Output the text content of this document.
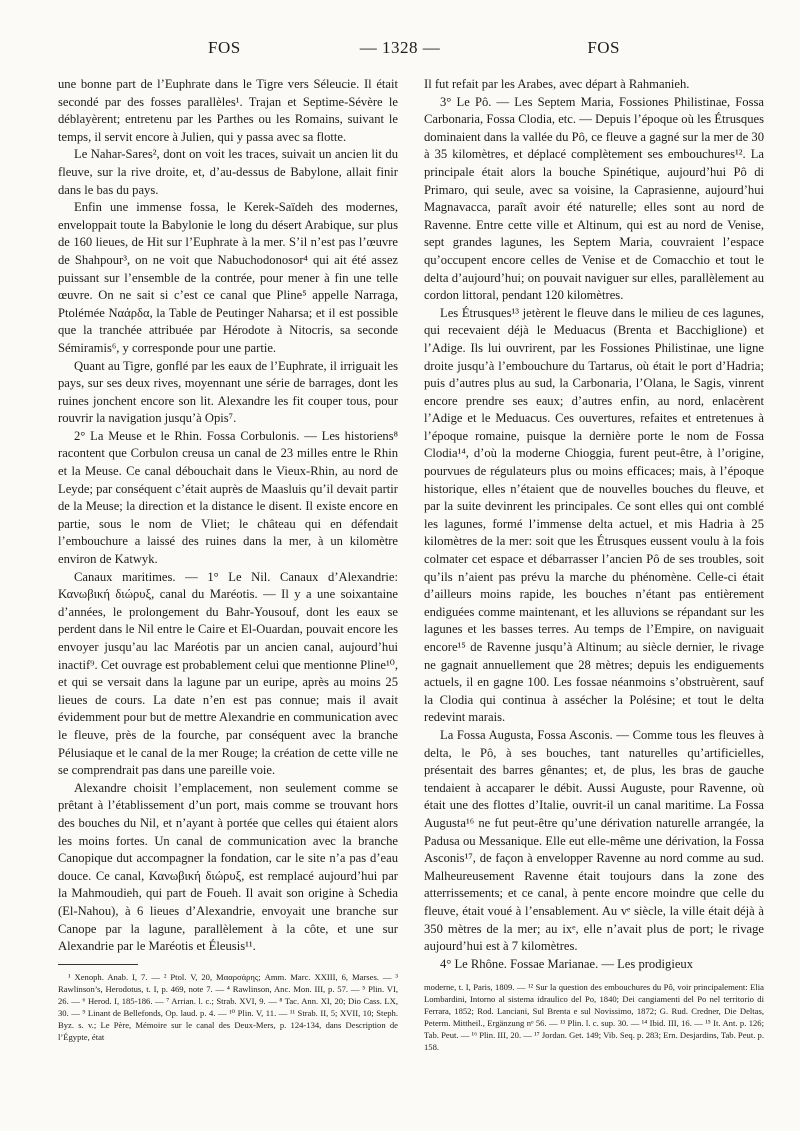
FOS	— 1328 —	FOS

une bonne part de l’Euphrate dans le Tigre vers Séleucie. Il était secondé par des fosses parallèles¹. Trajan et Septime-Sévère le déblayèrent; entretenu par les Parthes ou les Romains, suivant le temps, il servit encore à Julien, qui y passa avec sa flotte.

Le Nahar-Sares², dont on voit les traces, suivait un ancien lit du fleuve, sur la rive droite, et, d’au-dessus de Babylone, allait finir dans le bas du pays.

Enfin une immense fossa, le Kerek-Saïdeh des modernes, enveloppait toute la Babylonie le long du désert Arabique, sur plus de 160 lieues, de Hit sur l’Euphrate à la mer. S’il n’est pas l’œuvre de Shahpour³, on ne voit que Nabuchodonosor⁴ qui ait été assez puissant sur l’ensemble de la contrée, pour mener à fin une telle œuvre. On ne sait si c’est ce canal que Pline⁵ appelle Narraga, Ptolémée Ναάρδα, la Table de Peutinger Naharsa; et il est possible que la tranchée attribuée par Hérodote à Nitocris, sa seconde Sémiramis⁶, y corresponde pour une partie.

Quant au Tigre, gonflé par les eaux de l’Euphrate, il irriguait les pays, sur ses deux rives, moyennant une série de barrages, dont les ruines jonchent encore son lit. Alexandre les fit couper tous, pour rouvrir la navigation jusqu’à Opis⁷.

2° La Meuse et le Rhin. Fossa Corbulonis. — Les historiens⁸ racontent que Corbulon creusa un canal de 23 milles entre le Rhin et la Meuse. Ce canal débouchait dans le Vieux-Rhin, au nord de Leyde; par conséquent c’était auprès de Maasluis qu’il devait partir de la Meuse; la direction et la distance le disent. Il existe encore en partie, sous le nom de Vliet; le château qui en défendait l’embouchure a laissé des ruines dans la mer, à un kilomètre environ de Katwyk.

Canaux maritimes. — 1° Le Nil. Canaux d’Alexandrie: Κανωβική διώρυξ, canal du Maréotis. — Il y a une soixantaine d’années, le prolongement du Bahr-Yousouf, dont les eaux se perdent dans le Nil entre le Caire et El-Ouardan, pouvait encore les envoyer jusqu’au lac Maréotis par un ancien canal, aujourd’hui inactif⁹. Cet ouvrage est probablement celui que mentionne Pline¹⁰, et qui se versait dans la lagune par un euripe, après au moins 25 lieues de cours. La date n’en est pas connue; mais il avait évidemment pour but de mettre Alexandrie en communication avec le fleuve, près de la fourche, par conséquent avec la branche Pélusiaque et le canal de la mer Rouge; la création de cette ville ne se comprendrait pas dans une pareille voie.

Alexandre choisit l’emplacement, non seulement comme se prêtant à l’établissement d’un port, mais comme se trouvant hors des bouches du Nil, et n’ayant à portée que celles qui étaient alors les moins fortes. Un canal de communication avec la branche Canopique dut accompagner la fondation, car le site n’a pas d’eau douce. Ce canal, Κανωβική διώρυξ, est remplacé aujourd’hui par la Mahmoudieh, qui part de Foueh. Il avait son origine à Schedia (El-Nahou), à 6 lieues d’Alexandrie, envoyait une branche sur Canope par la lagune, parallèlement à la côte, et une sur Alexandrie par le Maréotis et Éleusis¹¹.

¹ Xenoph. Anab. I, 7. — ² Ptol. V, 20, Μααρσάρης; Amm. Marc. XXIII, 6, Marses. — ³ Rawlinson’s, Herodotus, t. I, p. 469, note 7. — ⁴ Rawlinson, Anc. Mon. III, p. 57. — ⁵ Plin. VI, 26. — ⁶ Herod. I, 185-186. — ⁷ Arrian. l. c.; Strab. XVI, 9. — ⁸ Tac. Ann. XI, 20; Dio Cass. LX, 30. — ⁹ Linant de Bellefonds, Op. laud. p. 4. — ¹⁰ Plin. V, 11. — ¹¹ Strab. II, 5; XVII, 10; Steph. Byz. s. v.; Le Père, Mémoire sur le canal des Deux-Mers, p. 124-134, dans Description de l’Égypte, état

Il fut refait par les Arabes, avec départ à Rahmanieh.

3° Le Pô. — Les Septem Maria, Fossiones Philistinae, Fossa Carbonaria, Fossa Clodia, etc. — Depuis l’époque où les Étrusques dominaient dans la vallée du Pô, ce fleuve a gagné sur la mer de 30 à 35 kilomètres, et déplacé complètement ses embouchures¹². La principale était alors la bouche Spinétique, aujourd’hui Pô di Primaro, qui seule, avec sa voisine, la Caprasienne, aujourd’hui Magnavacca, paraît avoir été naturelle; elles sont au nord de Ravenne. Entre cette ville et Altinum, qui est au nord de Venise, sept grandes lagunes, les Septem Maria, couvraient l’espace qu’occupent encore celles de Venise et de Comacchio et tout le delta d’aujourd’hui; on pouvait naviguer sur elles, parallèlement au cordon littoral, pendant 120 kilomètres.

Les Étrusques¹³ jetèrent le fleuve dans le milieu de ces lagunes, qui recevaient déjà le Meduacus (Brenta et Bacchiglione) et l’Adige. Ils lui ouvrirent, par les Fossiones Philistinae, une ligne droite jusqu’à l’embouchure du Tartarus, où était le port d’Hadria; puis d’autres plus au sud, la Carbonaria, l’Olana, le Sagis, vinrent encore prendre ses eaux; d’autres enfin, au nord, enlacèrent l’Adige et le Meduacus. Ces ouvertures, refaites et entretenues à l’époque romaine, puisque la dernière porte le nom de Fossa Clodia¹⁴, d’où la moderne Chioggia, furent peut-être, à l’origine, pourvues de régulateurs plus ou moins efficaces; mais, à l’époque historique, elles n’étaient que de nouvelles bouches du fleuve, et par la suite devinrent les principales. Ce sont elles qui ont comblé les lagunes, formé l’immense delta actuel, et mis Hadria à 25 kilomètres de la mer: soit que les Étrusques eussent voulu à la fois colmater cet espace et débarrasser l’ancien Pô de ses troubles, soit qu’ils n’aient pas prévu la marche du phénomène. Celle-ci était d’ailleurs moins rapide, les bouches n’étant pas entièrement endiguées comme maintenant, et les alluvions se répandant sur les lagunes et les basses terres. Au temps de l’Empire, on naviguait encore¹⁵ de Ravenne jusqu’à Altinum; au siècle dernier, le rivage ne gagnait annuellement que 28 mètres; depuis les endiguements actuels, il en gagne 100. Les fossae néanmoins s’obstruèrent, sauf la Clodia qui continua à assécher la Polésine; et tout le delta redevint marais.

La Fossa Augusta, Fossa Asconis. — Comme tous les fleuves à delta, le Pô, à ses bouches, tant naturelles qu’artificielles, présentait des barres gênantes; et, de plus, les bras de gauche tendaient à accaparer le débit. Aussi Auguste, pour Ravenne, où était une des flottes d’Italie, ouvrit-il un canal maritime. La Fossa Augusta¹⁶ ne fut peut-être qu’une dérivation naturelle arrangée, la Padusa ou Messanique. Elle eut elle-même une dérivation, la Fossa Asconis¹⁷, de façon à envelopper Ravenne au nord comme au sud. Malheureusement Ravenne était toujours dans la zone des atterrissements; et ce canal, à pente encore moindre que celle du fleuve, était voué à l’ensablement. Au vᵉ siècle, la ville était déjà à 350 mètres de la mer; au ixᵉ, elle n’avait plus de port; le rivage aujourd’hui est à 7 kilomètres.

4° Le Rhône. Fossae Marianae. — Les prodigieux

moderne, t. I, Paris, 1809. — ¹² Sur la question des embouchures du Pô, voir principalement: Elia Lombardini, Intorno al sistema idraulico del Po, 1840; Dei cangiamenti del Po nel territorio di Ferrara, 1852; Rod. Lanciani, Sul Brenta e sul Novissimo, 1872; G. Rud. Credner, Die Deltas, Peterm. Mittheil., Ergänzung nᵒ 56. — ¹³ Plin. l. c. sup. 30. — ¹⁴ Ibid. III, 16. — ¹⁵ It. Ant. p. 126; Tab. Peut. — ¹⁶ Plin. III, 20. — ¹⁷ Jordan. Get. 149; Vib. Seq. p. 283; Ern. Desjardins, Tab. Peut. p. 158.
